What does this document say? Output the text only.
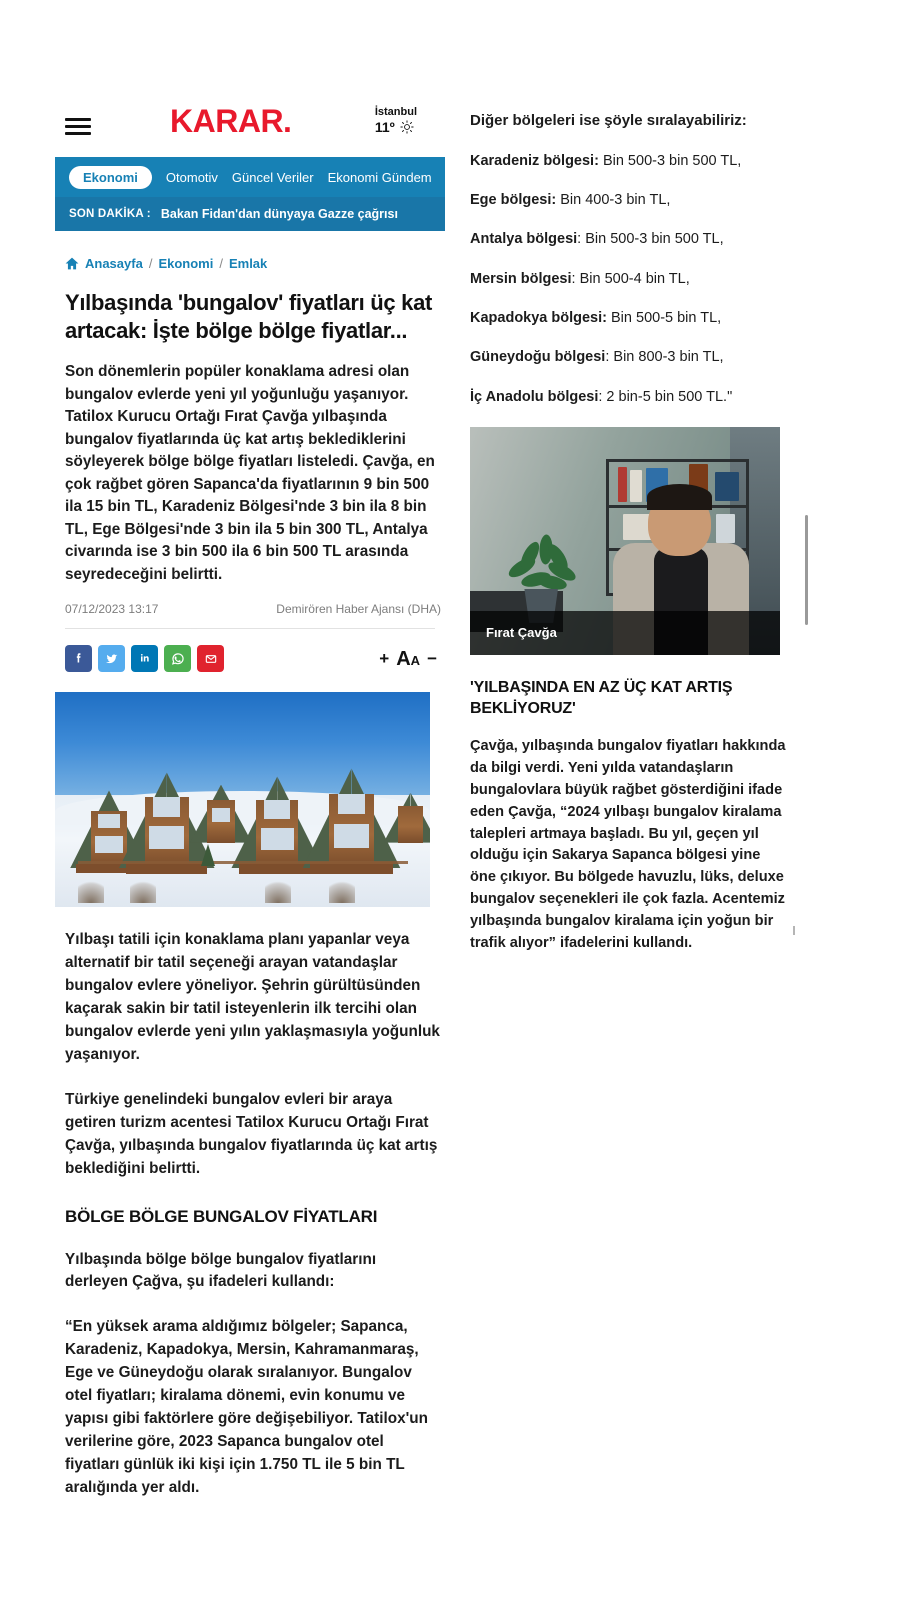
KARAR.	İstanbul
11º
Ekonomi	Otomotiv Güncel Veriler Ekonomi Gündem
SON DAKİKA : Bakan Fidan'dan dünyaya Gazze çağrısı
Anasayfa / Ekonomi / Emlak
Yılbaşında 'bungalov' fiyatları üç kat artacak: İşte bölge bölge fiyatlar...

Son dönemlerin popüler konaklama adresi olan bungalov evlerde yeni yıl yoğunluğu yaşanıyor. Tatilox Kurucu Ortağı Fırat Çavğa yılbaşında bungalov fiyatlarında üç kat artış beklediklerini söyleyerek bölge bölge fiyatları listeledi. Çavğa, en çok rağbet gören Sapanca'da fiyatlarının 9 bin 500 ila 15 bin TL, Karadeniz Bölgesi'nde 3 bin ila 8 bin TL, Ege Bölgesi'nde 3 bin ila 5 bin 300 TL, Antalya civarında ise 3 bin 500 ila 6 bin 500 TL arasında seyredeceğini belirtti.

07/12/2023 13:17	Demirören Haber Ajansı (DHA)
+ AA −

Yılbaşı tatili için konaklama planı yapanlar veya alternatif bir tatil seçeneği arayan vatandaşlar bungalov evlere yöneliyor. Şehrin gürültüsünden kaçarak sakin bir tatil isteyenlerin ilk tercihi olan bungalov evlerde yeni yılın yaklaşmasıyla yoğunluk yaşanıyor.

Türkiye genelindeki bungalov evleri bir araya getiren turizm acentesi Tatilox Kurucu Ortağı Fırat Çavğa, yılbaşında bungalov fiyatlarında üç kat artış beklediğini belirtti.

BÖLGE BÖLGE BUNGALOV FİYATLARI

Yılbaşında bölge bölge bungalov fiyatlarını derleyen Çağva, şu ifadeleri kullandı:

“En yüksek arama aldığımız bölgeler; Sapanca, Karadeniz, Kapadokya, Mersin, Kahramanmaraş, Ege ve Güneydoğu olarak sıralanıyor. Bungalov otel fiyatları; kiralama dönemi, evin konumu ve yapısı gibi faktörlere göre değişebiliyor. Tatilox'un verilerine göre, 2023 Sapanca bungalov otel fiyatları günlük iki kişi için 1.750 TL ile 5 bin TL aralığında yer aldı.

Diğer bölgeleri ise şöyle sıralayabiliriz:

Karadeniz bölgesi: Bin 500-3 bin 500 TL,
Ege bölgesi: Bin 400-3 bin TL,
Antalya bölgesi: Bin 500-3 bin 500 TL,
Mersin bölgesi: Bin 500-4 bin TL,
Kapadokya bölgesi: Bin 500-5 bin TL,
Güneydoğu bölgesi: Bin 800-3 bin TL,
İç Anadolu bölgesi: 2 bin-5 bin 500 TL."
Fırat Çavğa
'YILBAŞINDA EN AZ ÜÇ KAT ARTIŞ BEKLİYORUZ'

Çavğa, yılbaşında bungalov fiyatları hakkında da bilgi verdi. Yeni yılda vatandaşların bungalovlara büyük rağbet gösterdiğini ifade eden Çavğa, “2024 yılbaşı bungalov kiralama talepleri artmaya başladı. Bu yıl, geçen yıl olduğu için Sakarya Sapanca bölgesi yine öne çıkıyor. Bu bölgede havuzlu, lüks, deluxe bungalov seçenekleri ile çok fazla. Acentemiz yılbaşında bungalov kiralama için yoğun bir trafik alıyor” ifadelerini kullandı.
